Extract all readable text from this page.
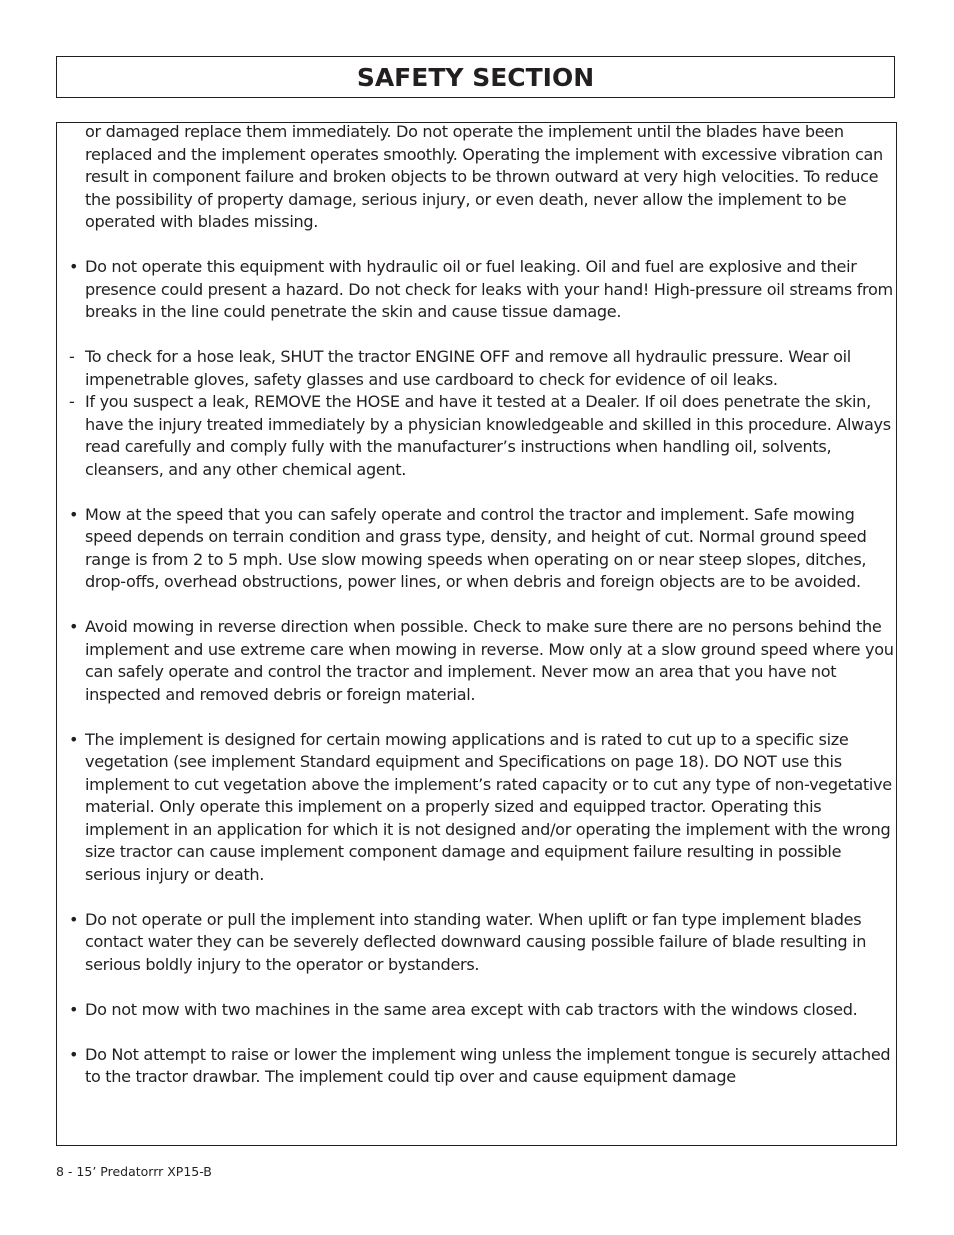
SAFETY SECTION

or damaged replace them immediately. Do not operate the implement until the blades have been replaced and the implement operates smoothly. Operating the implement with excessive vibration can result in component failure and broken objects to be thrown outward at very high velocities. To reduce the possibility of property damage, serious injury, or even death, never allow the implement to be operated with blades missing.

• Do not operate this equipment with hydraulic oil or fuel leaking. Oil and fuel are explosive and their presence could present a hazard. Do not check for leaks with your hand! High-pressure oil streams from breaks in the line could penetrate the skin and cause tissue damage.

- To check for a hose leak, SHUT the tractor ENGINE OFF and remove all hydraulic pressure. Wear oil impenetrable gloves, safety glasses and use cardboard to check for evidence of oil leaks.

- If you suspect a leak, REMOVE the HOSE and have it tested at a Dealer. If oil does penetrate the skin, have the injury treated immediately by a physician knowledgeable and skilled in this procedure. Always read carefully and comply fully with the manufacturer’s instructions when handling oil, solvents, cleansers, and any other chemical agent.

• Mow at the speed that you can safely operate and control the tractor and implement. Safe mowing speed depends on terrain condition and grass type, density, and height of cut. Normal ground speed range is from 2 to 5 mph. Use slow mowing speeds when operating on or near steep slopes, ditches, drop-offs, overhead obstructions, power lines, or when debris and foreign objects are to be avoided.

• Avoid mowing in reverse direction when possible. Check to make sure there are no persons behind the implement and use extreme care when mowing in reverse. Mow only at a slow ground speed where you can safely operate and control the tractor and implement. Never mow an area that you have not inspected and removed debris or foreign material.

• The implement is designed for certain mowing applications and is rated to cut up to a specific size vegetation (see implement Standard equipment and Specifications on page 18). DO NOT use this implement to cut vegetation above the implement’s rated capacity or to cut any type of non-vegetative material. Only operate this implement on a properly sized and equipped tractor. Operating this implement in an application for which it is not designed and/or operating the implement with the wrong size tractor can cause implement component damage and equipment failure resulting in possible serious injury or death.

• Do not operate or pull the implement into standing water. When uplift or fan type implement blades contact water they can be severely deflected downward causing possible failure of blade resulting in serious boldly injury to the operator or bystanders.

• Do not mow with two machines in the same area except with cab tractors with the windows closed.

• Do Not attempt to raise or lower the implement wing unless the implement tongue is securely attached to the tractor drawbar. The implement could tip over and cause equipment damage

8 - 15’ Predatorrr XP15-B
